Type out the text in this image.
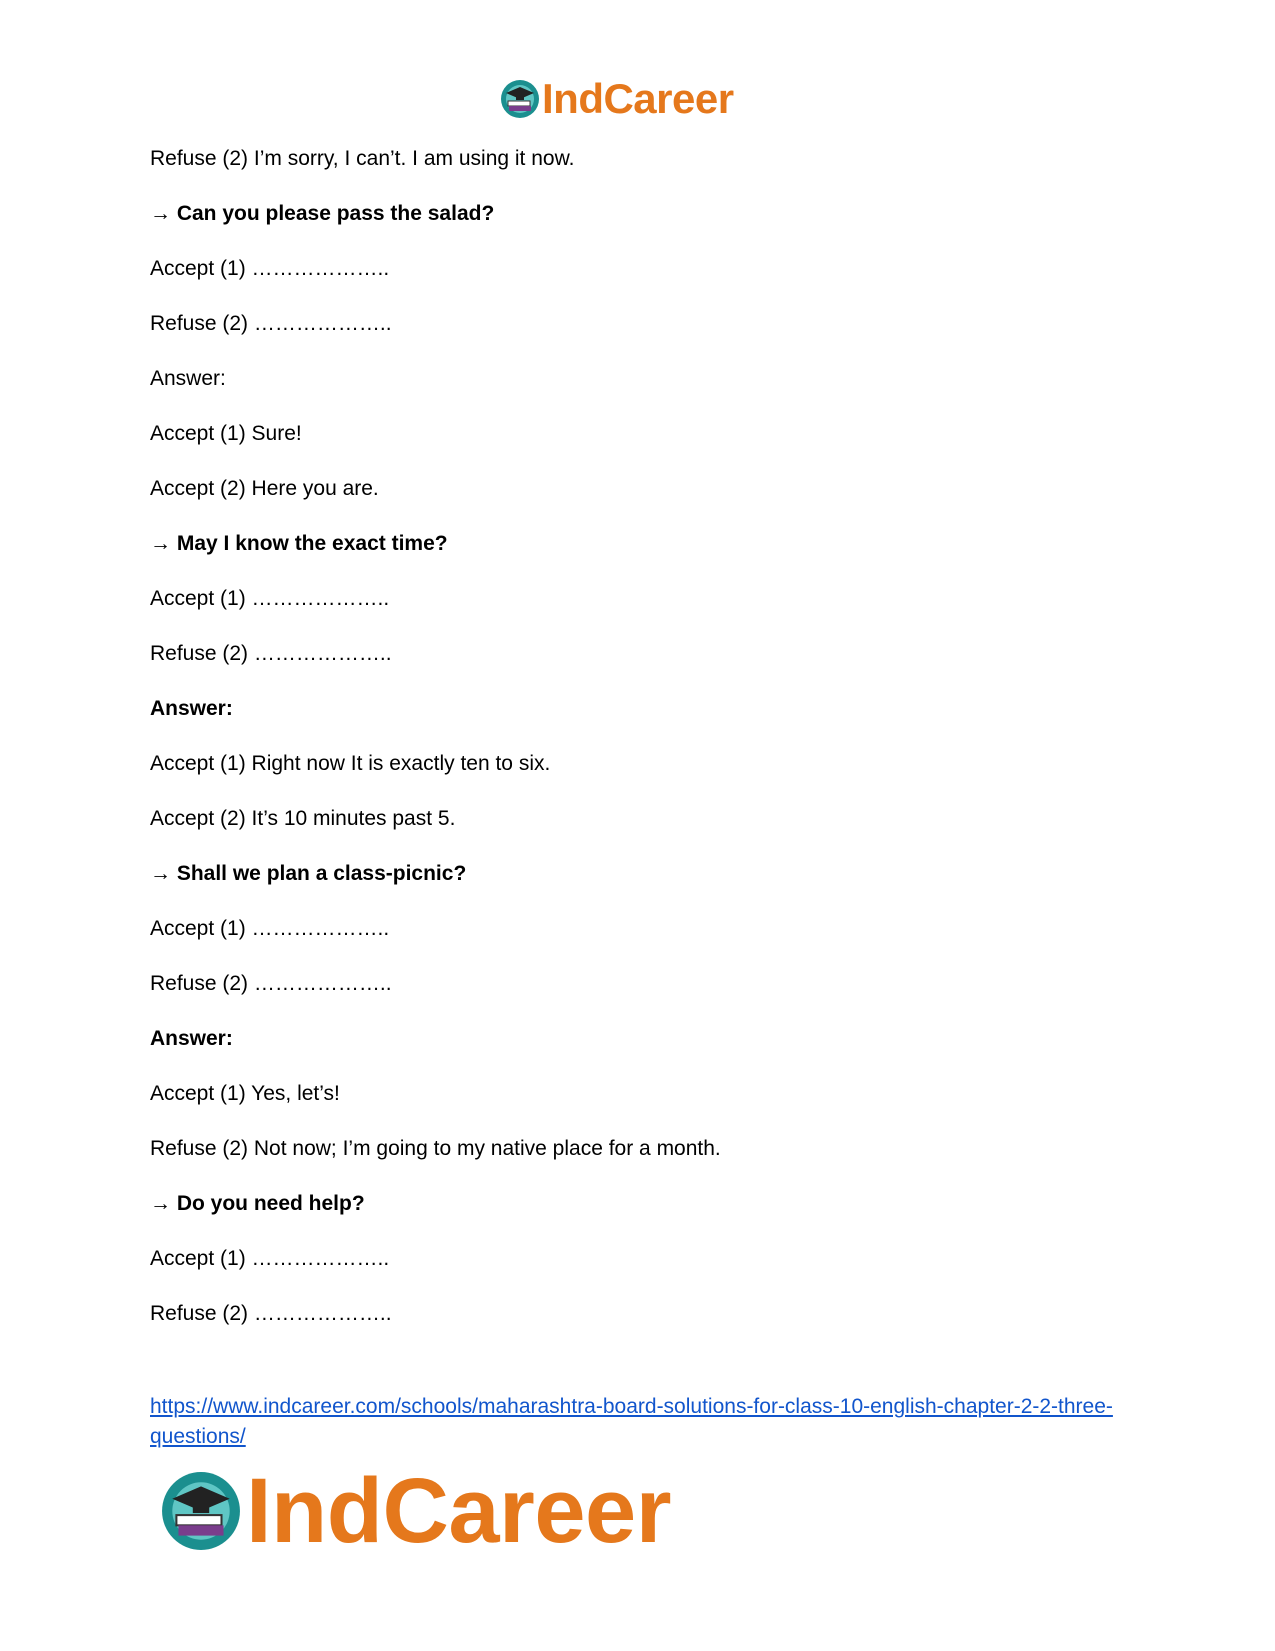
IndCareer
Refuse (2) I’m sorry, I can’t. I am using it now.
→ Can you please pass the salad?
Accept (1) ………………..
Refuse (2) ………………..
Answer:
Accept (1) Sure!
Accept (2) Here you are.
→ May I know the exact time?
Accept (1) ………………..
Refuse (2) ………………..
Answer:
Accept (1) Right now It is exactly ten to six.
Accept (2) It’s 10 minutes past 5.
→ Shall we plan a class-picnic?
Accept (1) ………………..
Refuse (2) ………………..
Answer:
Accept (1) Yes, let’s!
Refuse (2) Not now; I’m going to my native place for a month.
→ Do you need help?
Accept (1) ………………..
Refuse (2) ………………..
https://www.indcareer.com/schools/maharashtra-board-solutions-for-class-10-english-chapter-2-2-three-questions/
IndCareer
